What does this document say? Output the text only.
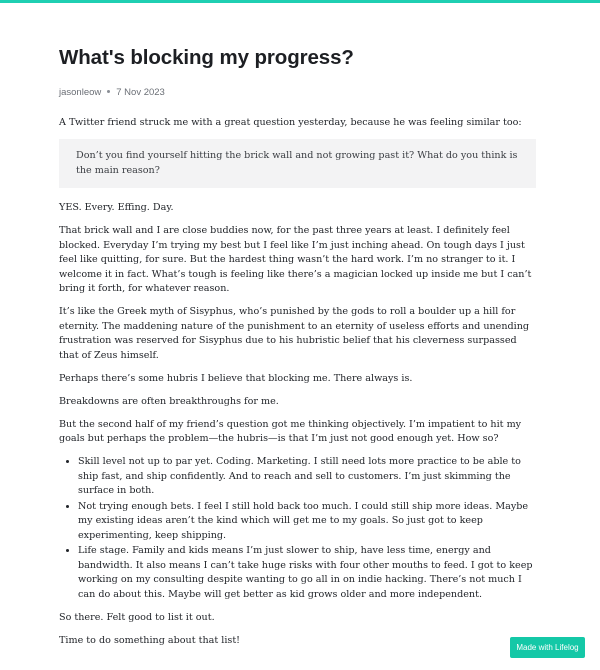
What's blocking my progress?
jasonleow 7 Nov 2023

A Twitter friend struck me with a great question yesterday, because he was feeling similar too:

Don’t you find yourself hitting the brick wall and not growing past it? What do you think is the main reason?

YES. Every. Effing. Day.

That brick wall and I are close buddies now, for the past three years at least. I definitely feel blocked. Everyday I’m trying my best but I feel like I’m just inching ahead. On tough days I just feel like quitting, for sure. But the hardest thing wasn’t the hard work. I’m no stranger to it. I welcome it in fact. What’s tough is feeling like there’s a magician locked up inside me but I can’t bring it forth, for whatever reason.

It’s like the Greek myth of Sisyphus, who’s punished by the gods to roll a boulder up a hill for eternity. The maddening nature of the punishment to an eternity of useless efforts and unending frustration was reserved for Sisyphus due to his hubristic belief that his cleverness surpassed that of Zeus himself.

Perhaps there’s some hubris I believe that blocking me. There always is.

Breakdowns are often breakthroughs for me.

But the second half of my friend’s question got me thinking objectively. I’m impatient to hit my goals but perhaps the problem—the hubris—is that I’m just not good enough yet. How so?

• Skill level not up to par yet. Coding. Marketing. I still need lots more practice to be able to ship fast, and ship confidently. And to reach and sell to customers. I’m just skimming the surface in both.
• Not trying enough bets. I feel I still hold back too much. I could still ship more ideas. Maybe my existing ideas aren’t the kind which will get me to my goals. So just got to keep experimenting, keep shipping.
• Life stage. Family and kids means I’m just slower to ship, have less time, energy and bandwidth. It also means I can’t take huge risks with four other mouths to feed. I got to keep working on my consulting despite wanting to go all in on indie hacking. There’s not much I can do about this. Maybe will get better as kid grows older and more independent.

So there. Felt good to list it out.

Time to do something about that list!

Made with Lifelog
